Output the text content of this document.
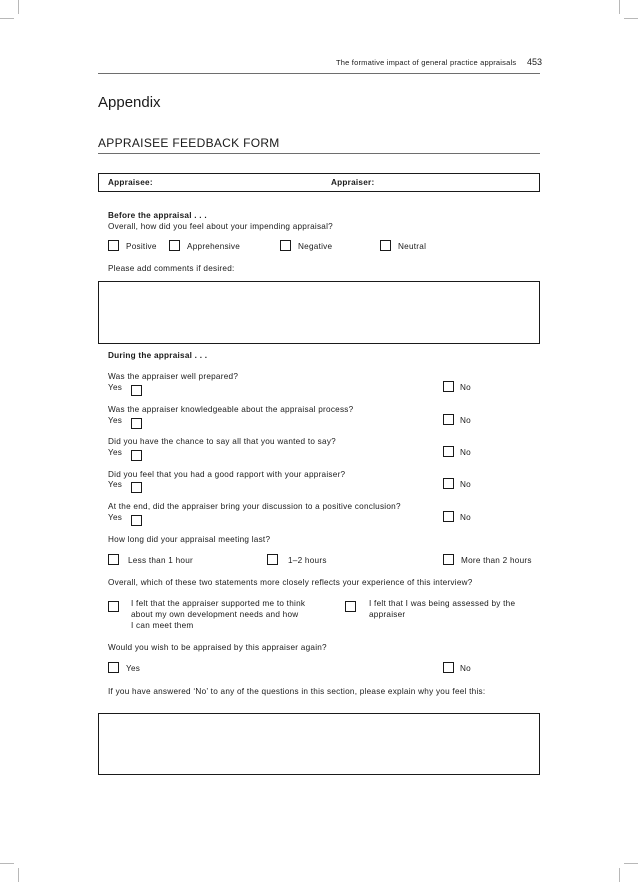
The formative impact of general practice appraisals 453
Appendix
APPRAISEE FEEDBACK FORM
Appraisee:	Appraiser:
Before the appraisal . . .
Overall, how did you feel about your impending appraisal?
Positive	Apprehensive	Negative	Neutral
Please add comments if desired:
During the appraisal . . .
Was the appraiser well prepared?
Yes	No
Was the appraiser knowledgeable about the appraisal process?
Yes	No
Did you have the chance to say all that you wanted to say?
Yes	No
Did you feel that you had a good rapport with your appraiser?
Yes	No
At the end, did the appraiser bring your discussion to a positive conclusion?
Yes	No
How long did your appraisal meeting last?
Less than 1 hour	1–2 hours	More than 2 hours
Overall, which of these two statements more closely reflects your experience of this interview?
I felt that the appraiser supported me to think
about my own development needs and how
I can meet them
I felt that I was being assessed by the
appraiser
Would you wish to be appraised by this appraiser again?
Yes	No
If you have answered ‘No’ to any of the questions in this section, please explain why you feel this:
